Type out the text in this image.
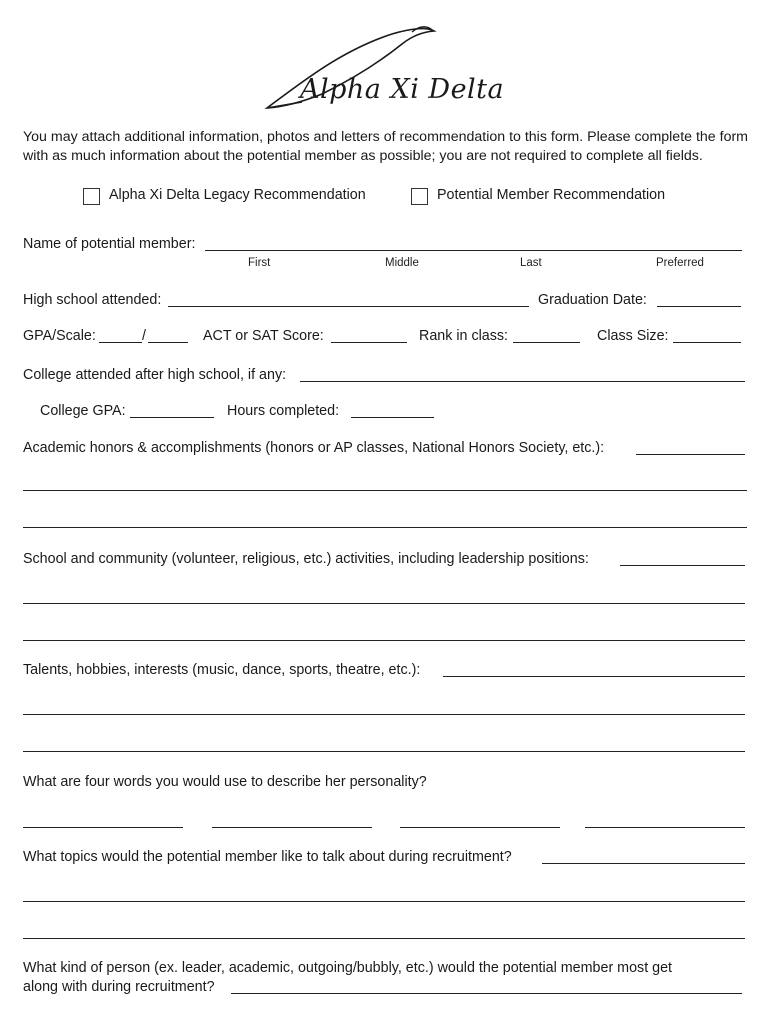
Alpha Xi Delta
You may attach additional information, photos and letters of recommendation to this form. Please complete the form with as much information about the potential member as possible; you are not required to complete all fields.
Alpha Xi Delta Legacy Recommendation	Potential Member Recommendation
Name of potential member:
First	Middle	Last	Preferred
High school attended:	Graduation Date:
GPA/Scale:	/	ACT or SAT Score:	Rank in class:	Class Size:
College attended after high school, if any:
College GPA:	Hours completed:
Academic honors & accomplishments (honors or AP classes, National Honors Society, etc.):
School and community (volunteer, religious, etc.) activities, including leadership positions:
Talents, hobbies, interests (music, dance, sports, theatre, etc.):
What are four words you would use to describe her personality?
What topics would the potential member like to talk about during recruitment?
What kind of person (ex. leader, academic, outgoing/bubbly, etc.) would the potential member most get
along with during recruitment?
